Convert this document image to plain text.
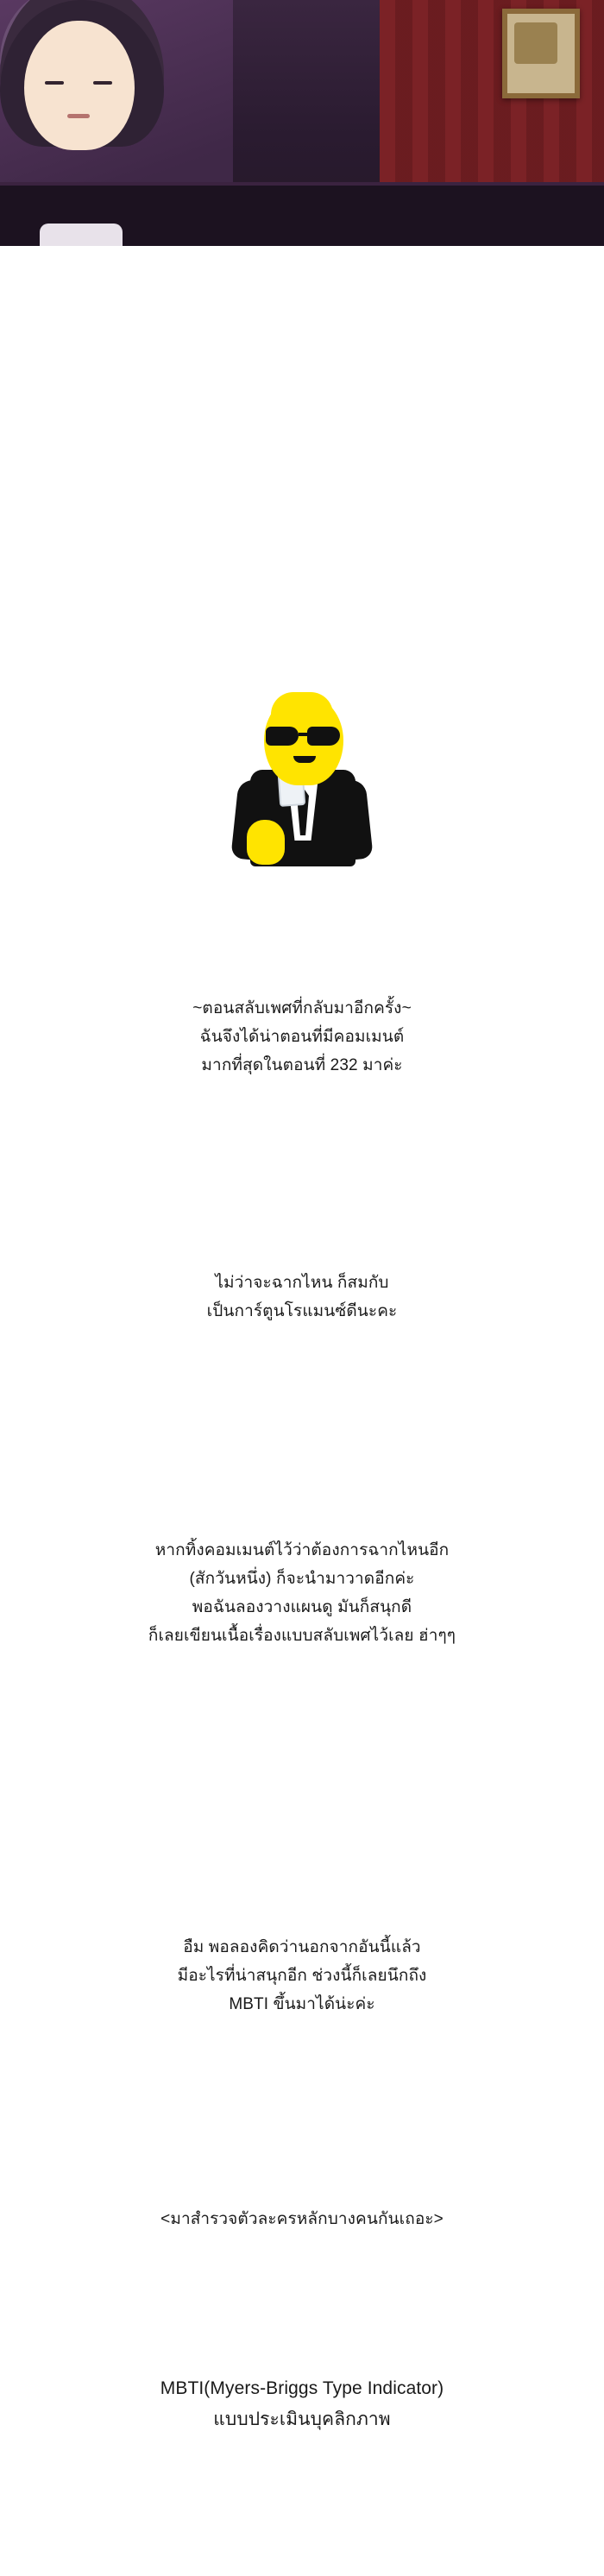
~ตอนสลับเพศที่กลับมาอีกครั้ง~
ฉันจึงได้น่าตอนที่มีคอมเมนต์
มากที่สุดในตอนที่ 232 มาค่ะ
ไม่ว่าจะฉากไหน ก็สมกับ
เป็นการ์ตูนโรแมนซ์ดีนะคะ
หากทิ้งคอมเมนต์ไว้ว่าต้องการฉากไหนอีก
(สักวันหนึ่ง) ก็จะนำมาวาดอีกค่ะ
พอฉันลองวางแผนดู มันก็สนุกดี
ก็เลยเขียนเนื้อเรื่องแบบสลับเพศไว้เลย ฮ่าๆๆ
อืม พอลองคิดว่านอกจากอันนี้แล้ว
มีอะไรที่น่าสนุกอีก ช่วงนี้ก็เลยนึกถึง
MBTI ขึ้นมาได้น่ะค่ะ
<มาสำรวจตัวละครหลักบางคนกันเถอะ>
MBTI(Myers-Briggs Type Indicator)
แบบประเมินบุคลิกภาพ
